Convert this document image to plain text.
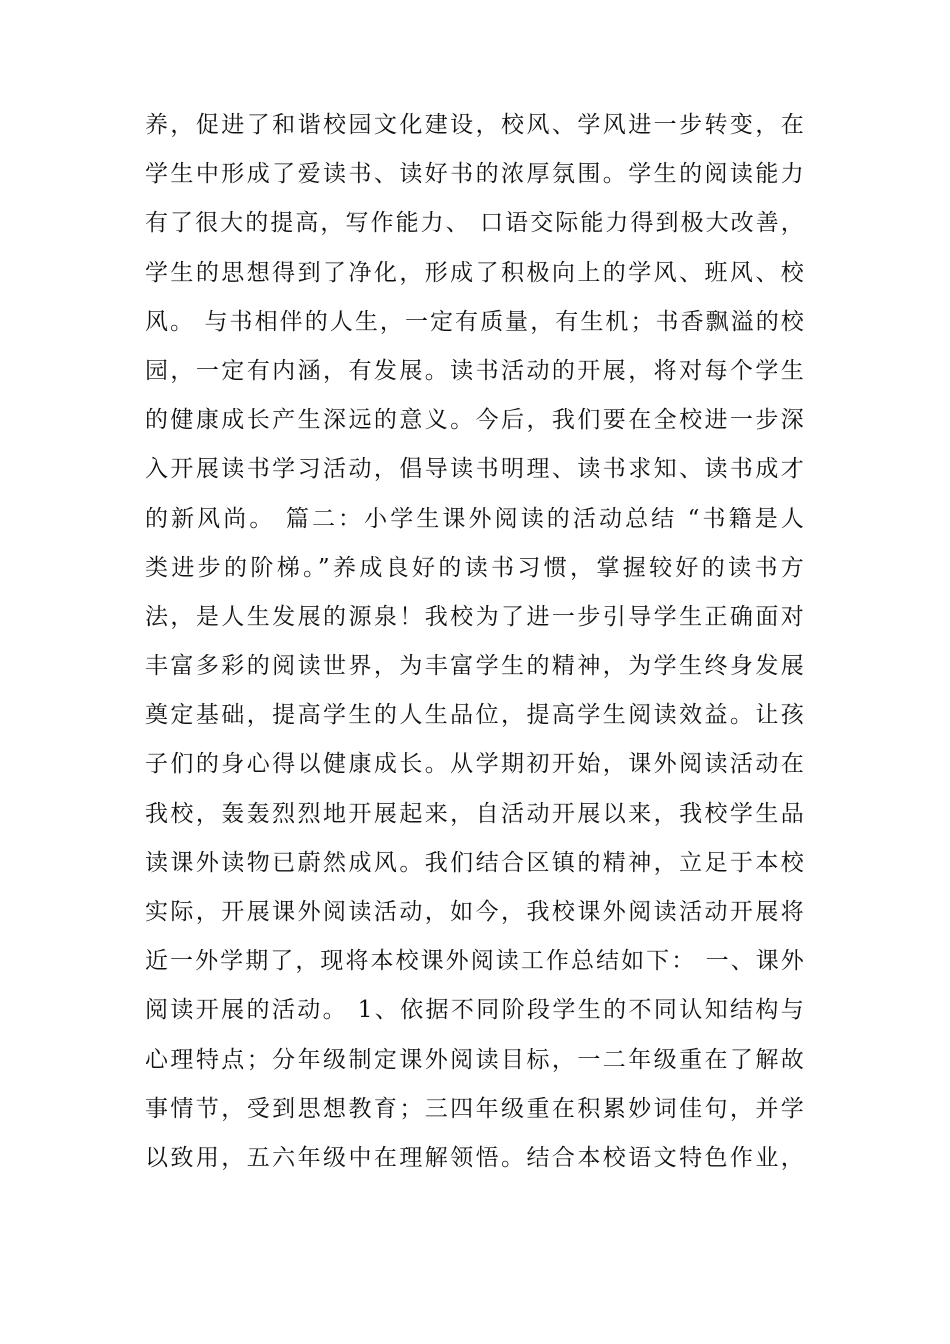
养，促进了和谐校园文化建设，校风、学风进一步转变，在
学生中形成了爱读书、读好书的浓厚氛围。学生的阅读能力
有了很大的提高，写作能力、 口语交际能力得到极大改善，
学生的思想得到了净化，形成了积极向上的学风、班风、校
风。 与书相伴的人生，一定有质量，有生机；书香飘溢的校
园，一定有内涵，有发展。读书活动的开展，将对每个学生
的健康成长产生深远的意义。今后，我们要在全校进一步深
入开展读书学习活动，倡导读书明理、读书求知、读书成才
的新风尚。 篇二：小学生课外阅读的活动总结 “书籍是人
类进步的阶梯。”养成良好的读书习惯，掌握较好的读书方
法，是人生发展的源泉！我校为了进一步引导学生正确面对
丰富多彩的阅读世界，为丰富学生的精神，为学生终身发展
奠定基础，提高学生的人生品位，提高学生阅读效益。让孩
子们的身心得以健康成长。从学期初开始，课外阅读活动在
我校，轰轰烈烈地开展起来，自活动开展以来，我校学生品
读课外读物已蔚然成风。我们结合区镇的精神，立足于本校
实际，开展课外阅读活动，如今，我校课外阅读活动开展将
近一外学期了，现将本校课外阅读工作总结如下： 一、课外
阅读开展的活动。 1、依据不同阶段学生的不同认知结构与
心理特点；分年级制定课外阅读目标，一二年级重在了解故
事情节，受到思想教育；三四年级重在积累妙词佳句，并学
以致用，五六年级中在理解领悟。结合本校语文特色作业，
